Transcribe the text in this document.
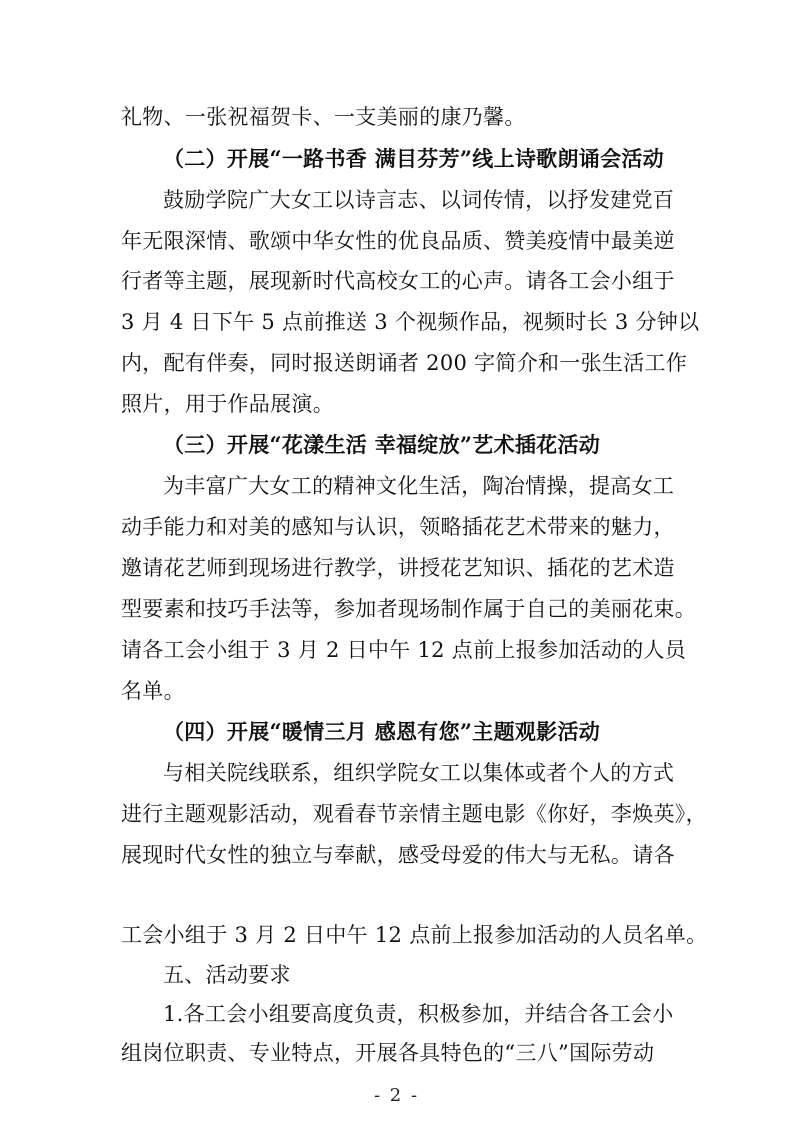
礼物、一张祝福贺卡、一支美丽的康乃馨。
（二）开展“一路书香 满目芬芳”线上诗歌朗诵会活动
鼓励学院广大女工以诗言志、以词传情，以抒发建党百
年无限深情、歌颂中华女性的优良品质、赞美疫情中最美逆
行者等主题，展现新时代高校女工的心声。请各工会小组于
3 月 4 日下午 5 点前推送 3 个视频作品，视频时长 3 分钟以
内，配有伴奏，同时报送朗诵者 200 字简介和一张生活工作
照片，用于作品展演。
（三）开展“花漾生活 幸福绽放”艺术插花活动
为丰富广大女工的精神文化生活，陶冶情操，提高女工
动手能力和对美的感知与认识，领略插花艺术带来的魅力，
邀请花艺师到现场进行教学，讲授花艺知识、插花的艺术造
型要素和技巧手法等，参加者现场制作属于自己的美丽花束。
请各工会小组于 3 月 2 日中午 12 点前上报参加活动的人员
名单。
（四）开展“暖情三月 感恩有您”主题观影活动
与相关院线联系，组织学院女工以集体或者个人的方式
进行主题观影活动，观看春节亲情主题电影《你好，李焕英》，
展现时代女性的独立与奉献，感受母爱的伟大与无私。请各
工会小组于 3 月 2 日中午 12 点前上报参加活动的人员名单。
五、活动要求
1.各工会小组要高度负责，积极参加，并结合各工会小
组岗位职责、专业特点，开展各具特色的“三八”国际劳动
- 2 -
